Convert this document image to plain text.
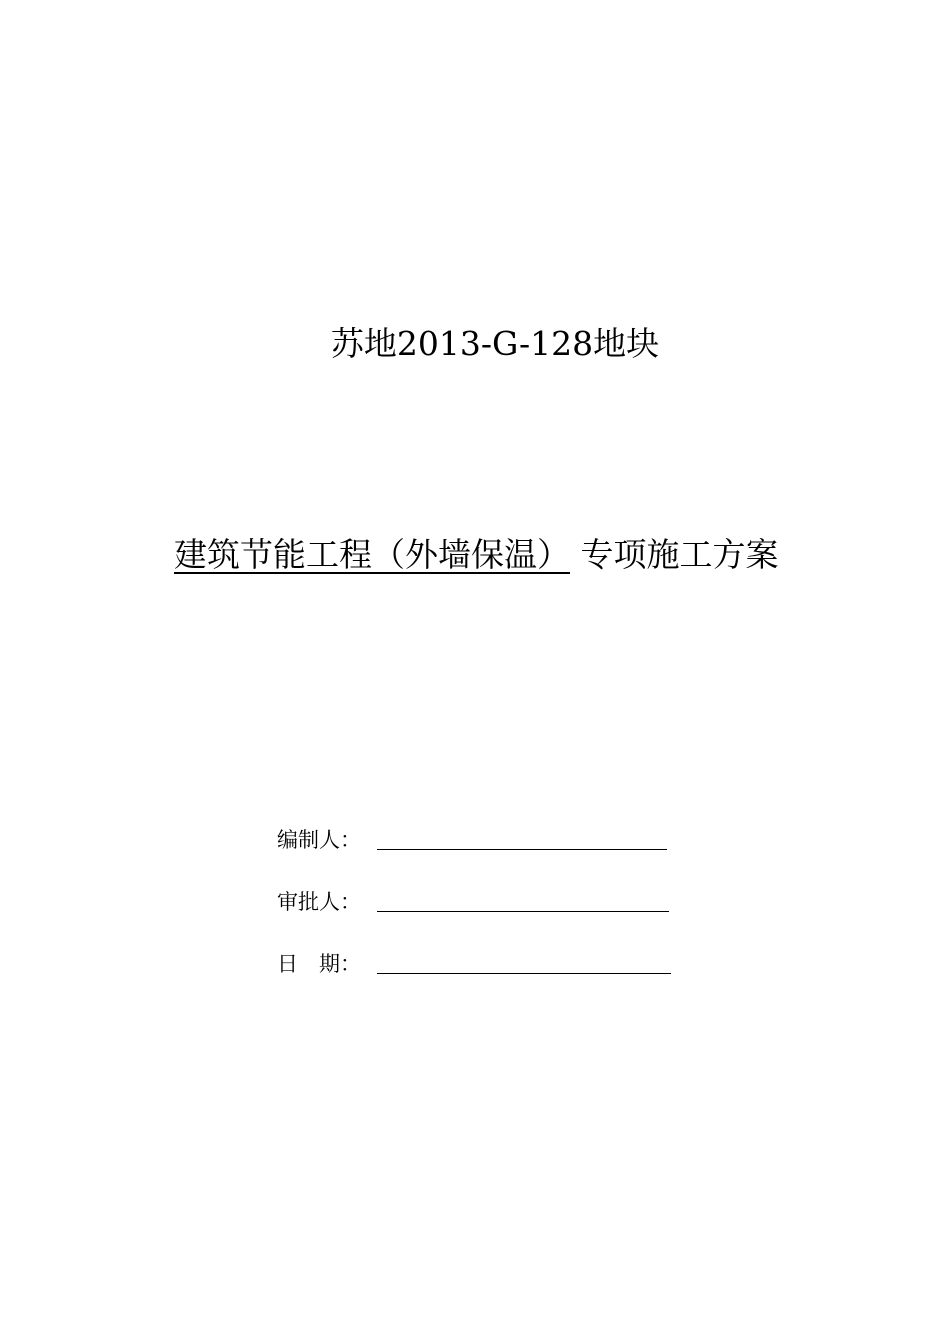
苏地2013-G-128地块
建筑节能工程（外墙保温） 专项施工方案
编制人：
审批人：
日　期：
